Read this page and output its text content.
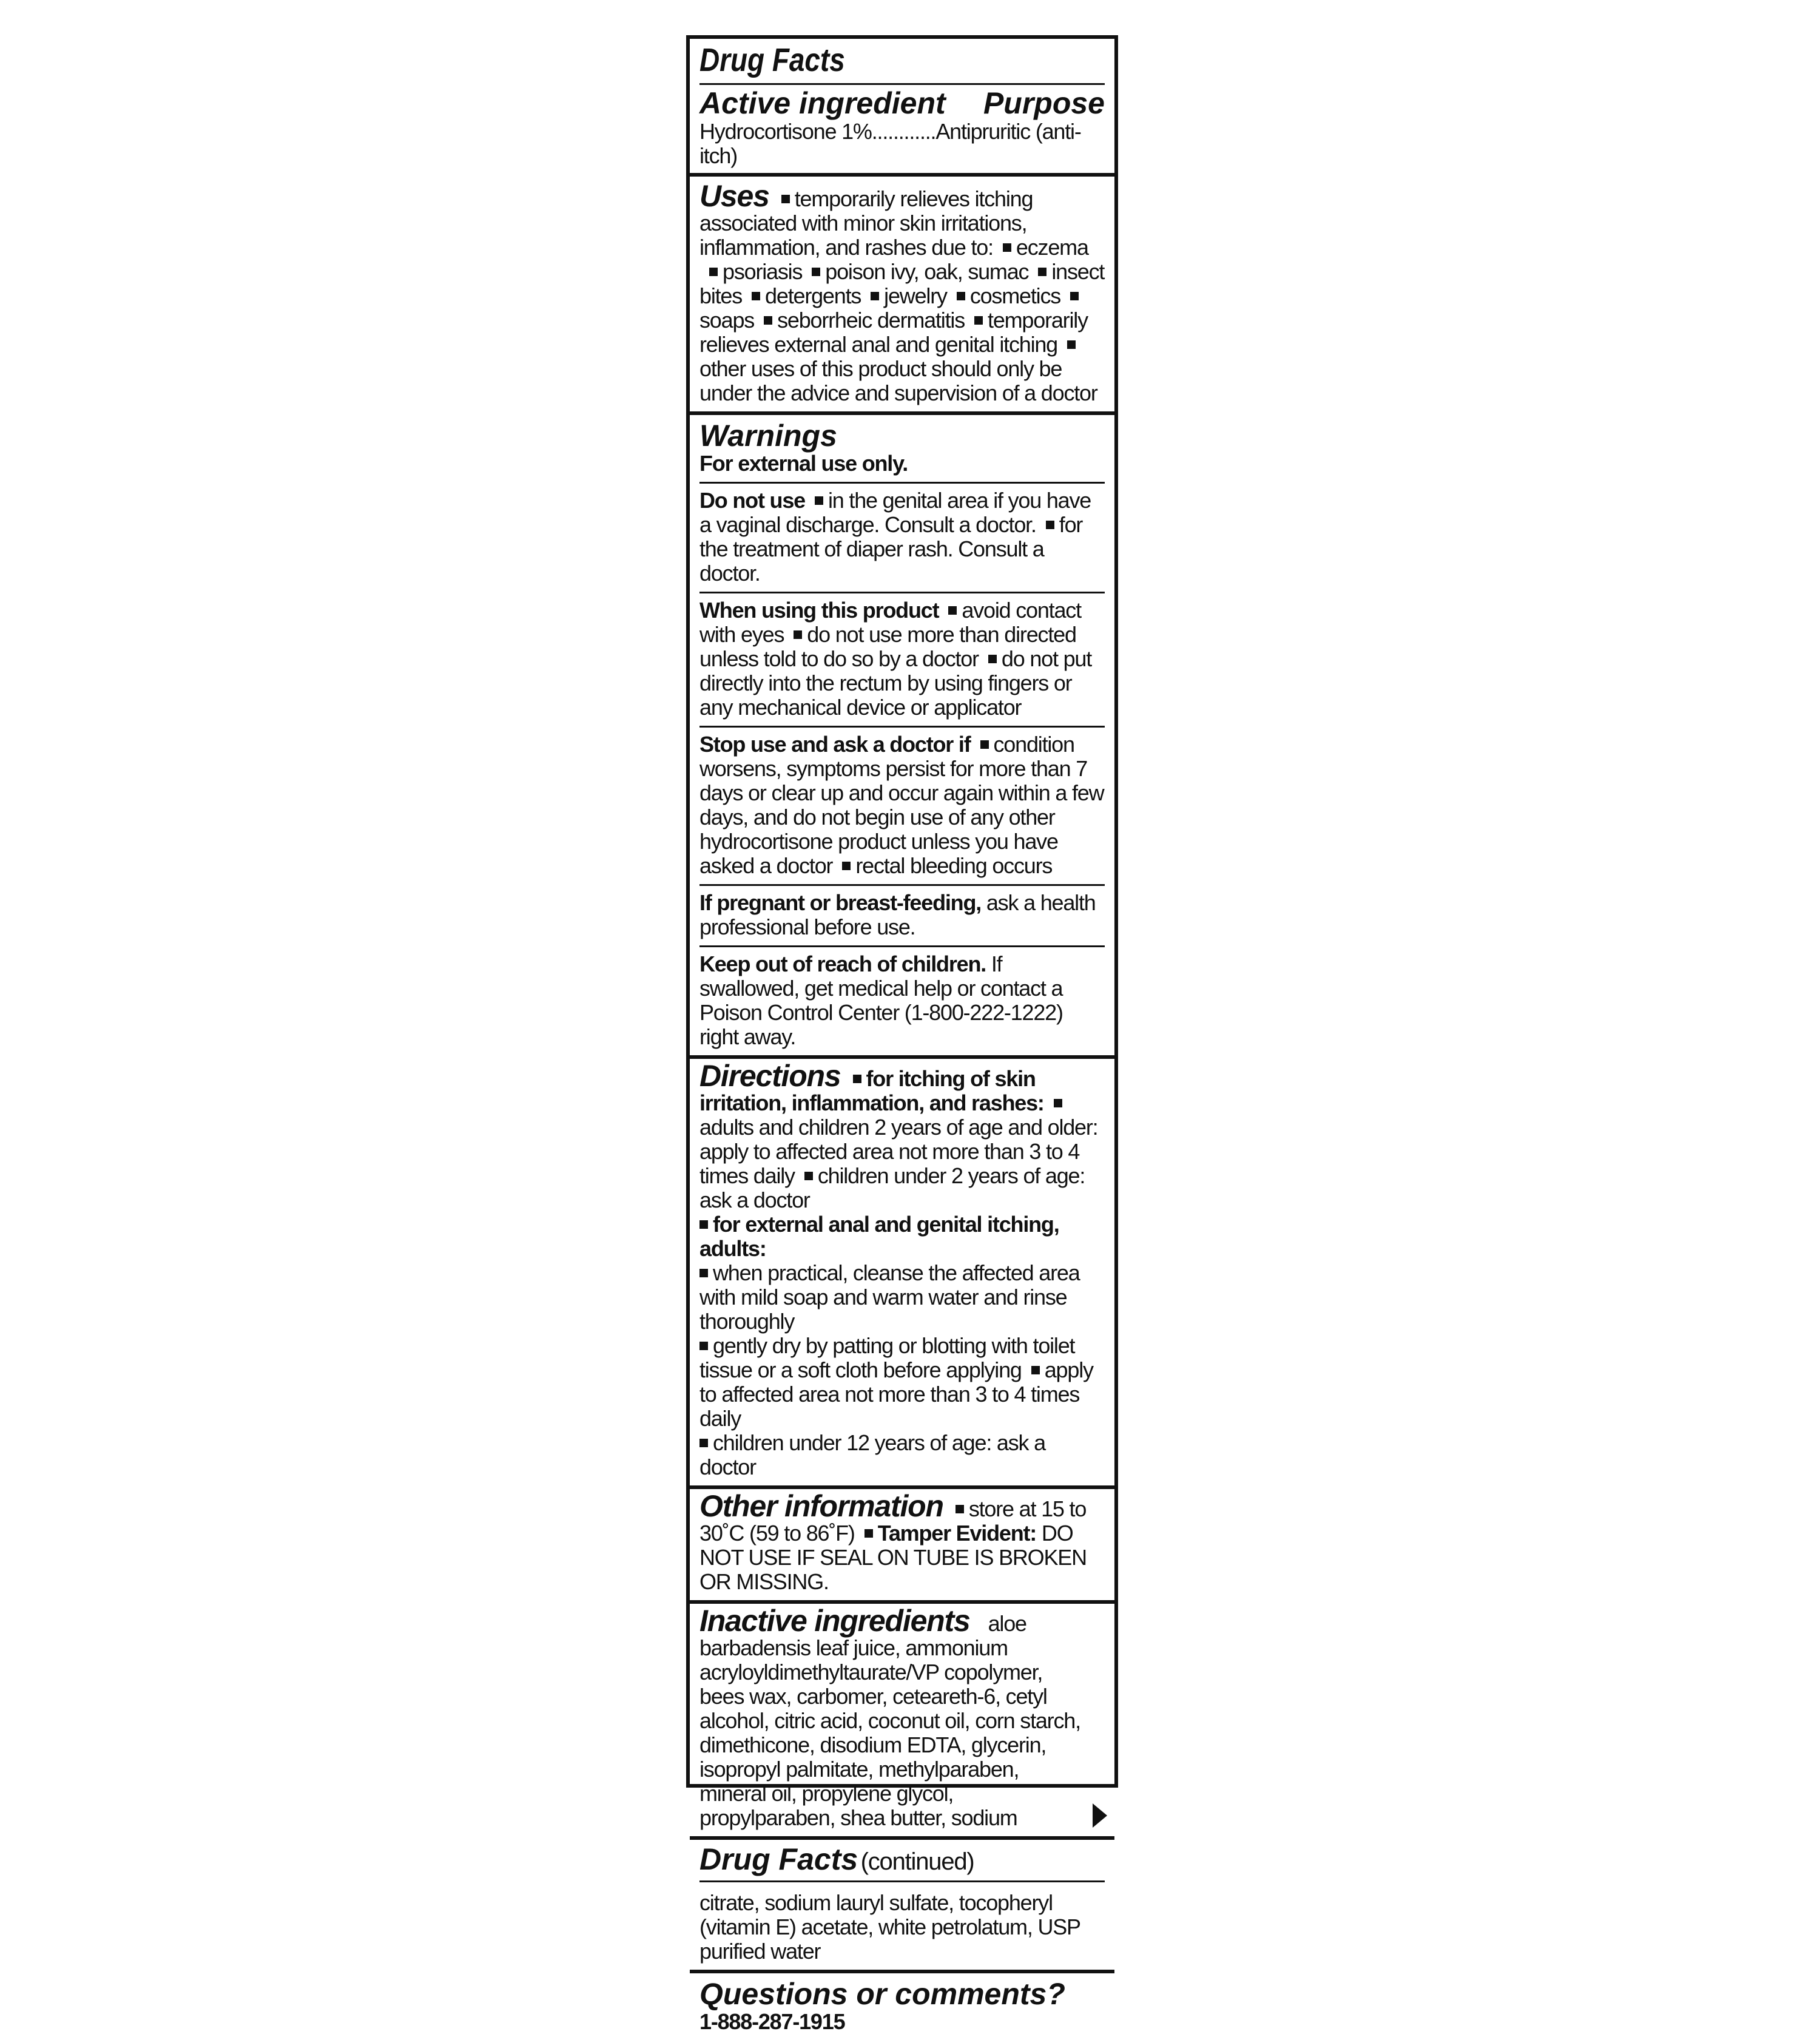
Drug Facts
Active ingredient Purpose
Hydrocortisone 1%............Antipruritic (anti-itch)
Uses temporarily relieves itching associated with minor skin irritations, inflammation, and rashes due to: eczemapsoriasis poison ivy, oak, sumac insect bites detergents jewelry cosmeticssoaps seborrheic dermatitis temporarily relieves external anal and genital itchingother uses of this product should only be under the advice and supervision of a doctor
Warnings
For external use only.
Do not use in the genital area if you have a vaginal discharge. Consult a doctor. for the treatment of diaper rash. Consult a doctor.
When using this product avoid contact with eyes do not use more than directed unless told to do so by a doctor do not put directly into the rectum by using fingers or any mechanical device or applicator
Stop use and ask a doctor if condition worsens, symptoms persist for more than 7 days or clear up and occur again within a few days, and do not begin use of any other hydrocortisone product unless you have asked a doctor rectal bleeding occurs
If pregnant or breast-feeding, ask a health professional before use.
Keep out of reach of children. If swallowed, get medical help or contact a Poison Control Center (1-800-222-1222) right away.
Directions for itching of skin irritation, inflammation, and rashes:adults and children 2 years of age and older: apply to affected area not more than 3 to 4 times daily children under 2 years of age: ask a doctor
for external anal and genital itching, adults:
when practical, cleanse the affected area with mild soap and warm water and rinse thoroughly
gently dry by patting or blotting with toilet tissue or a soft cloth before applying apply to affected area not more than 3 to 4 times daily
children under 12 years of age: ask a doctor
Other information store at 15 to 30˚C (59 to 86˚F) Tamper Evident: DO NOT USE IF SEAL ON TUBE IS BROKEN OR MISSING.
Inactive ingredients aloe barbadensis leaf juice, ammonium acryloyldimethyltaurate/VP copolymer, bees wax, carbomer, ceteareth-6, cetyl alcohol, citric acid, coconut oil, corn starch, dimethicone, disodium EDTA, glycerin, isopropyl palmitate, methylparaben, mineral oil, propylene glycol, propylparaben, shea butter, sodium
Drug Facts (continued)
citrate, sodium lauryl sulfate, tocopheryl (vitamin E) acetate, white petrolatum, USP purified water
Questions or comments?
1-888-287-1915
